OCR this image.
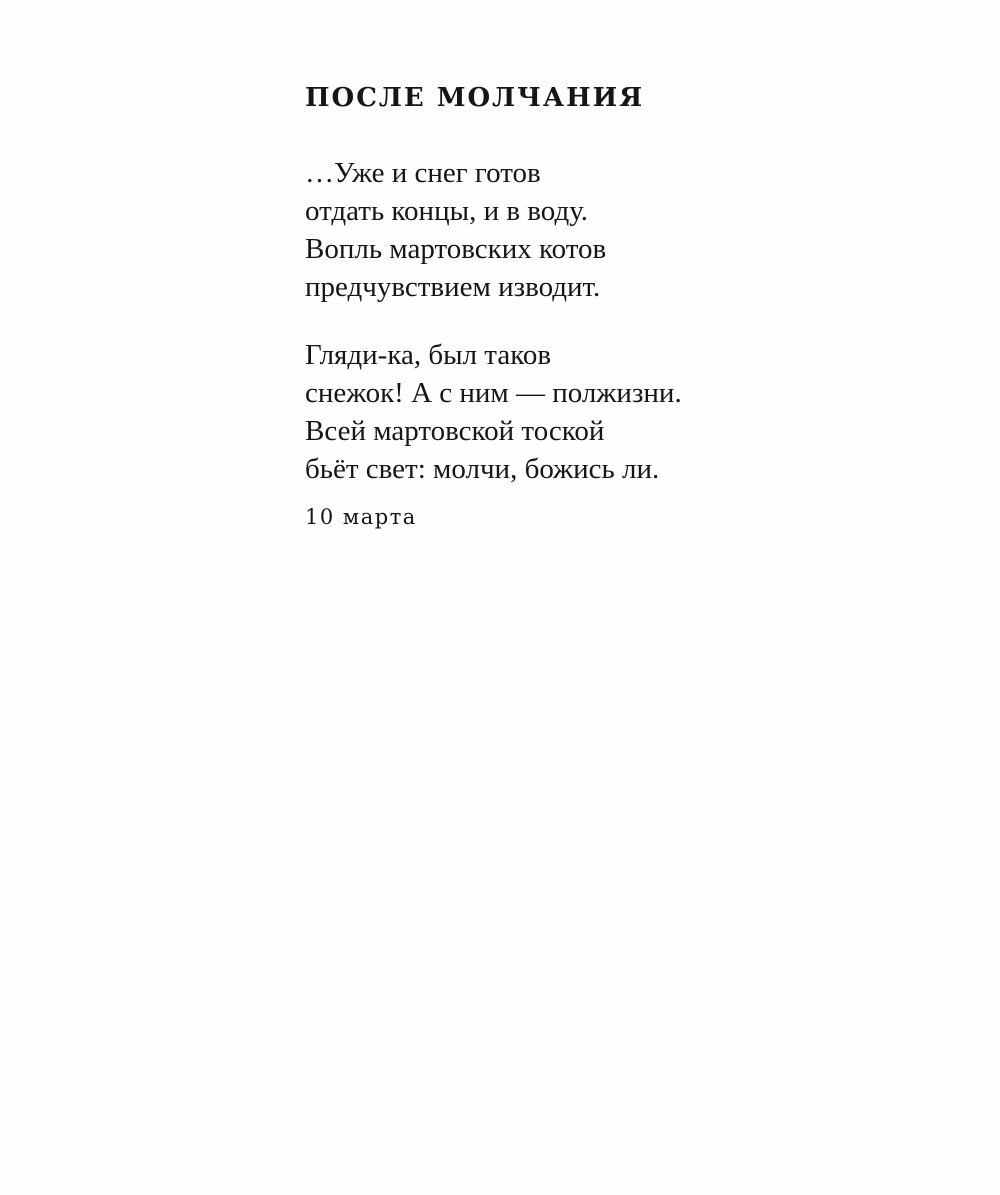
ПОСЛЕ МОЛЧАНИЯ
…Уже и снег готов
отдать концы, и в воду.
Вопль мартовских котов
предчувствием изводит.
Гляди-ка, был таков
снежок! А с ним — полжизни.
Всей мартовской тоской
бьёт свет: молчи, божись ли.
10 марта
